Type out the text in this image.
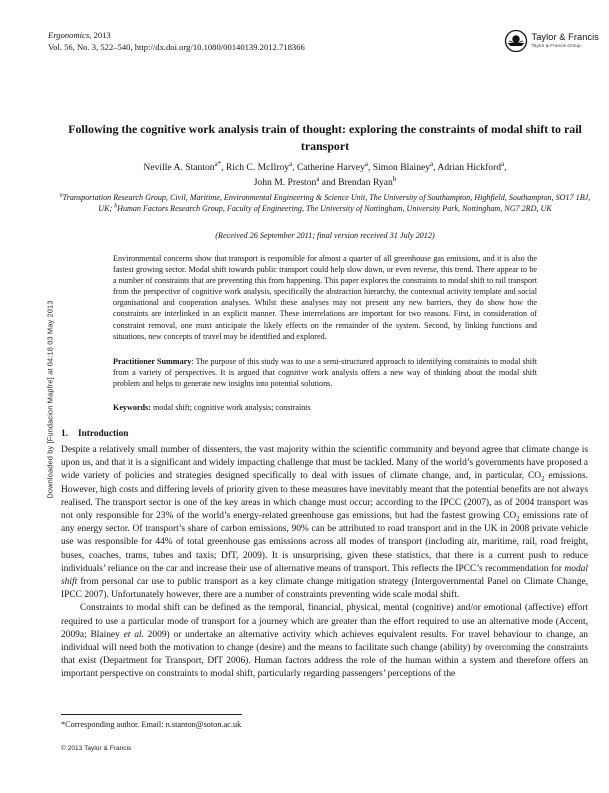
Downloaded by [Fundacion Mapfre] at 04:18 03 May 2013
Ergonomics, 2013
Vol. 56, No. 3, 522–540, http://dx.doi.org/10.1080/00140139.2012.718366
Taylor & Francis
Taylor & Francis Group
Following the cognitive work analysis train of thought: exploring the constraints of modal shift to rail transport
Neville A. Stanton$^{a*}$, Rich C. McIlroy$^a$, Catherine Harvey$^a$, Simon Blainey$^a$, Adrian Hickford$^a$,
John M. Preston$^a$ and Brendan Ryan$^b$
$^a$Transportation Research Group, Civil, Maritime, Environmental Engineering & Science Unit, The University of Southampton, Highfield, Southampton, SO17 1BJ, UK; $^b$Human Factors Research Group, Faculty of Engineering, The University of Nottingham, University Park, Nottingham, NG7 2RD, UK
(Received 26 September 2011; final version received 31 July 2012)

Environmental concerns show that transport is responsible for almost a quarter of all greenhouse gas emissions, and it is also the fastest growing sector. Modal shift towards public transport could help slow down, or even reverse, this trend. There appear to be a number of constraints that are preventing this from happening. This paper explores the constraints to modal shift to rail transport from the perspective of cognitive work analysis, specifically the abstraction hierarchy, the contextual activity template and social organisational and cooperation analyses. Whilst these analyses may not present any new barriers, they do show how the constraints are interlinked in an explicit manner. These interrelations are important for two reasons. First, in consideration of constraint removal, one must anticipate the likely effects on the remainder of the system. Second, by linking functions and situations, new concepts of travel may be identified and explored.

Practitioner Summary: The purpose of this study was to use a semi-structured approach to identifying constraints to modal shift from a variety of perspectives. It is argued that cognitive work analysis offers a new way of thinking about the modal shift problem and helps to generate new insights into potential solutions.

Keywords: modal shift; cognitive work analysis; constraints

1. Introduction

Despite a relatively small number of dissenters, the vast majority within the scientific community and beyond agree that climate change is upon us, and that it is a significant and widely impacting challenge that must be tackled. Many of the world’s governments have proposed a wide variety of policies and strategies designed specifically to deal with issues of climate change, and, in particular, $CO_2$ emissions. However, high costs and differing levels of priority given to these measures have inevitably meant that the potential benefits are not always realised. The transport sector is one of the key areas in which change must occur; according to the IPCC (2007), as of 2004 transport was not only responsible for 23% of the world’s energy-related greenhouse gas emissions, but had the fastest growing $CO_2$ emissions rate of any energy sector. Of transport’s share of carbon emissions, 90% can be attributed to road transport and in the UK in 2008 private vehicle use was responsible for 44% of total greenhouse gas emissions across all modes of transport (including air, maritime, rail, road freight, buses, coaches, trams, tubes and taxis; DfT, 2009). It is unsurprising, given these statistics, that there is a current push to reduce individuals’ reliance on the car and increase their use of alternative means of transport. This reflects the IPCC’s recommendation for modal shift from personal car use to public transport as a key climate change mitigation strategy (Intergovernmental Panel on Climate Change, IPCC 2007). Unfortunately however, there are a number of constraints preventing wide scale modal shift.

Constraints to modal shift can be defined as the temporal, financial, physical, mental (cognitive) and/or emotional (affective) effort required to use a particular mode of transport for a journey which are greater than the effort required to use an alternative mode (Accent, 2009a; Blainey et al. 2009) or undertake an alternative activity which achieves equivalent results. For travel behaviour to change, an individual will need both the motivation to change (desire) and the means to facilitate such change (ability) by overcoming the constraints that exist (Department for Transport, DfT 2006). Human factors address the role of the human within a system and therefore offers an important perspective on constraints to modal shift, particularly regarding passengers’ perceptions of the

*Corresponding author. Email: n.stanton@soton.ac.uk
© 2013 Taylor & Francis
